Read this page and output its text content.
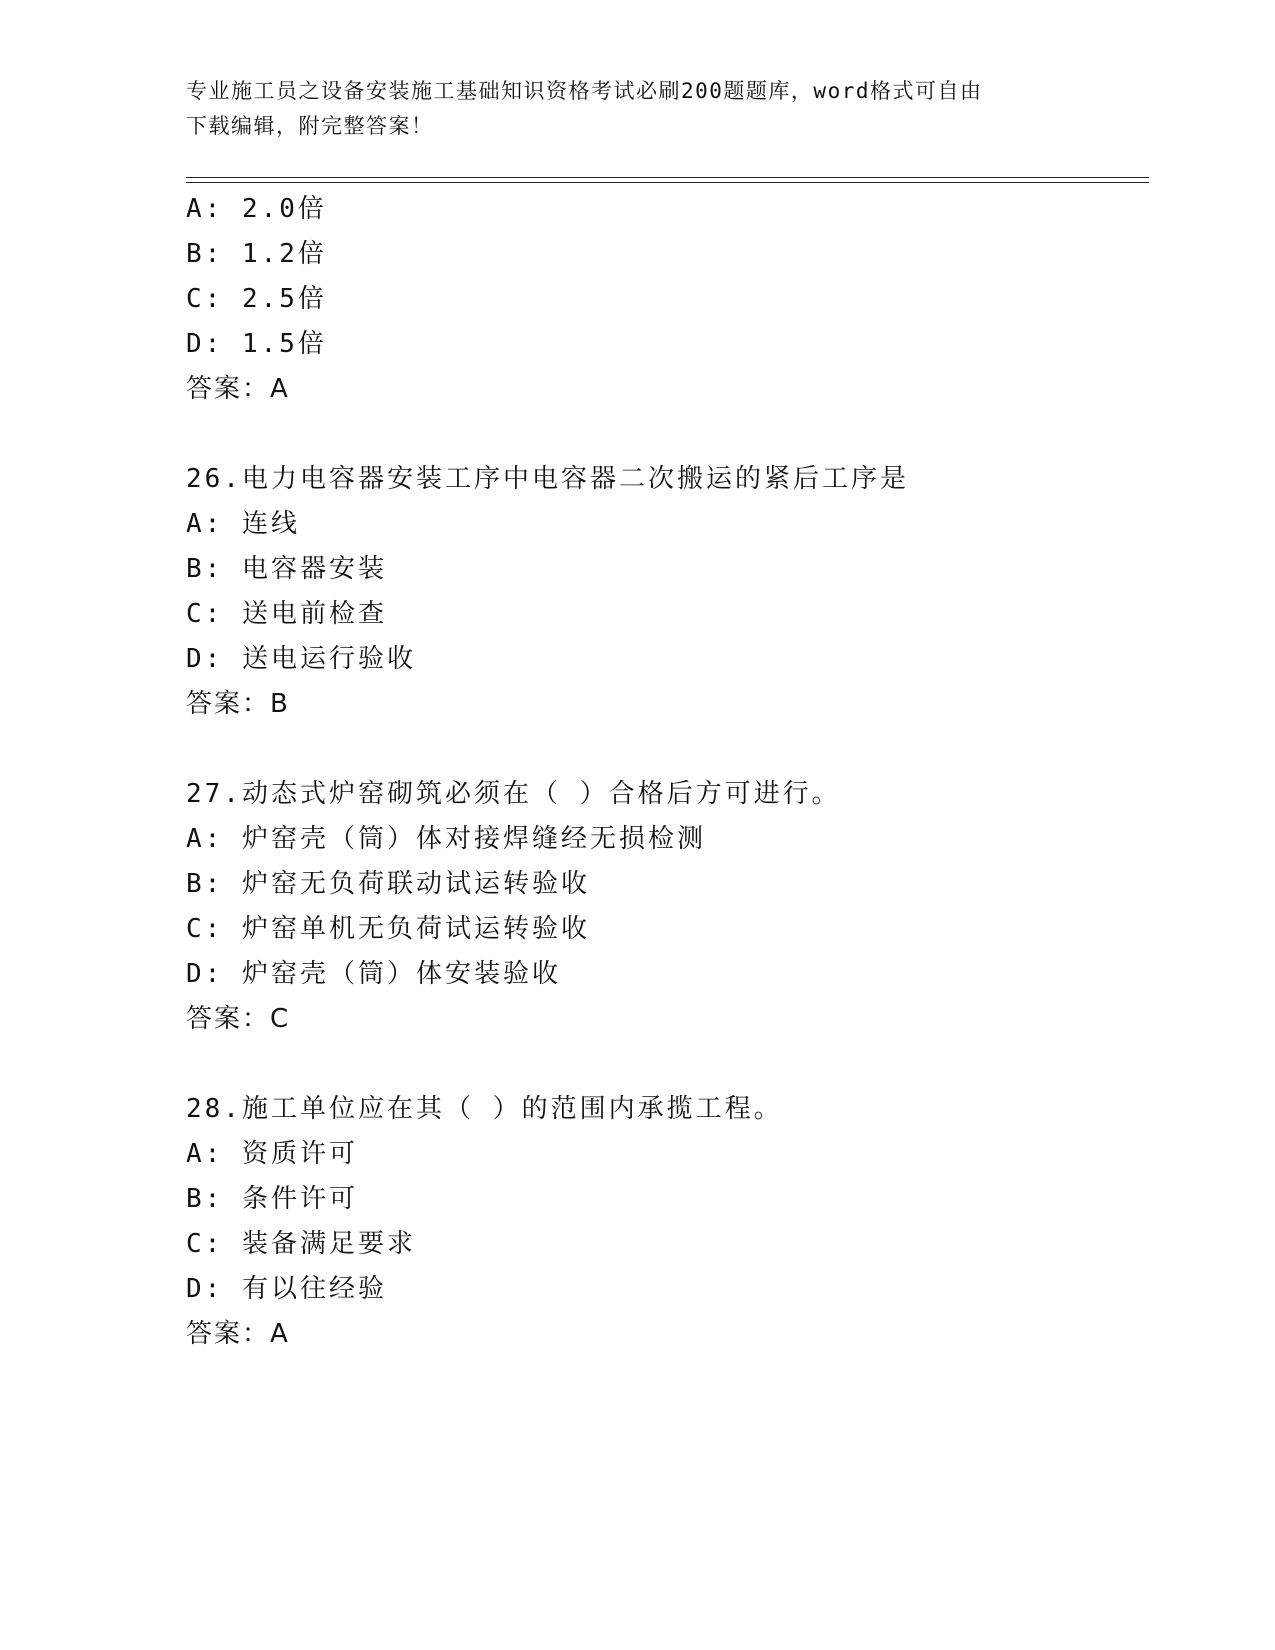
专业施工员之设备安装施工基础知识资格考试必刷200题题库，word格式可自由
下载编辑，附完整答案！
A: 2.0倍
B: 1.2倍
C: 2.5倍
D: 1.5倍
答案：A
26.电力电容器安装工序中电容器二次搬运的紧后工序是
A: 连线
B: 电容器安装
C: 送电前检查
D: 送电运行验收
答案：B
27.动态式炉窑砌筑必须在（ ）合格后方可进行。
A: 炉窑壳（筒）体对接焊缝经无损检测
B: 炉窑无负荷联动试运转验收
C: 炉窑单机无负荷试运转验收
D: 炉窑壳（筒）体安装验收
答案：C
28.施工单位应在其（ ）的范围内承揽工程。
A: 资质许可
B: 条件许可
C: 装备满足要求
D: 有以往经验
答案：A
